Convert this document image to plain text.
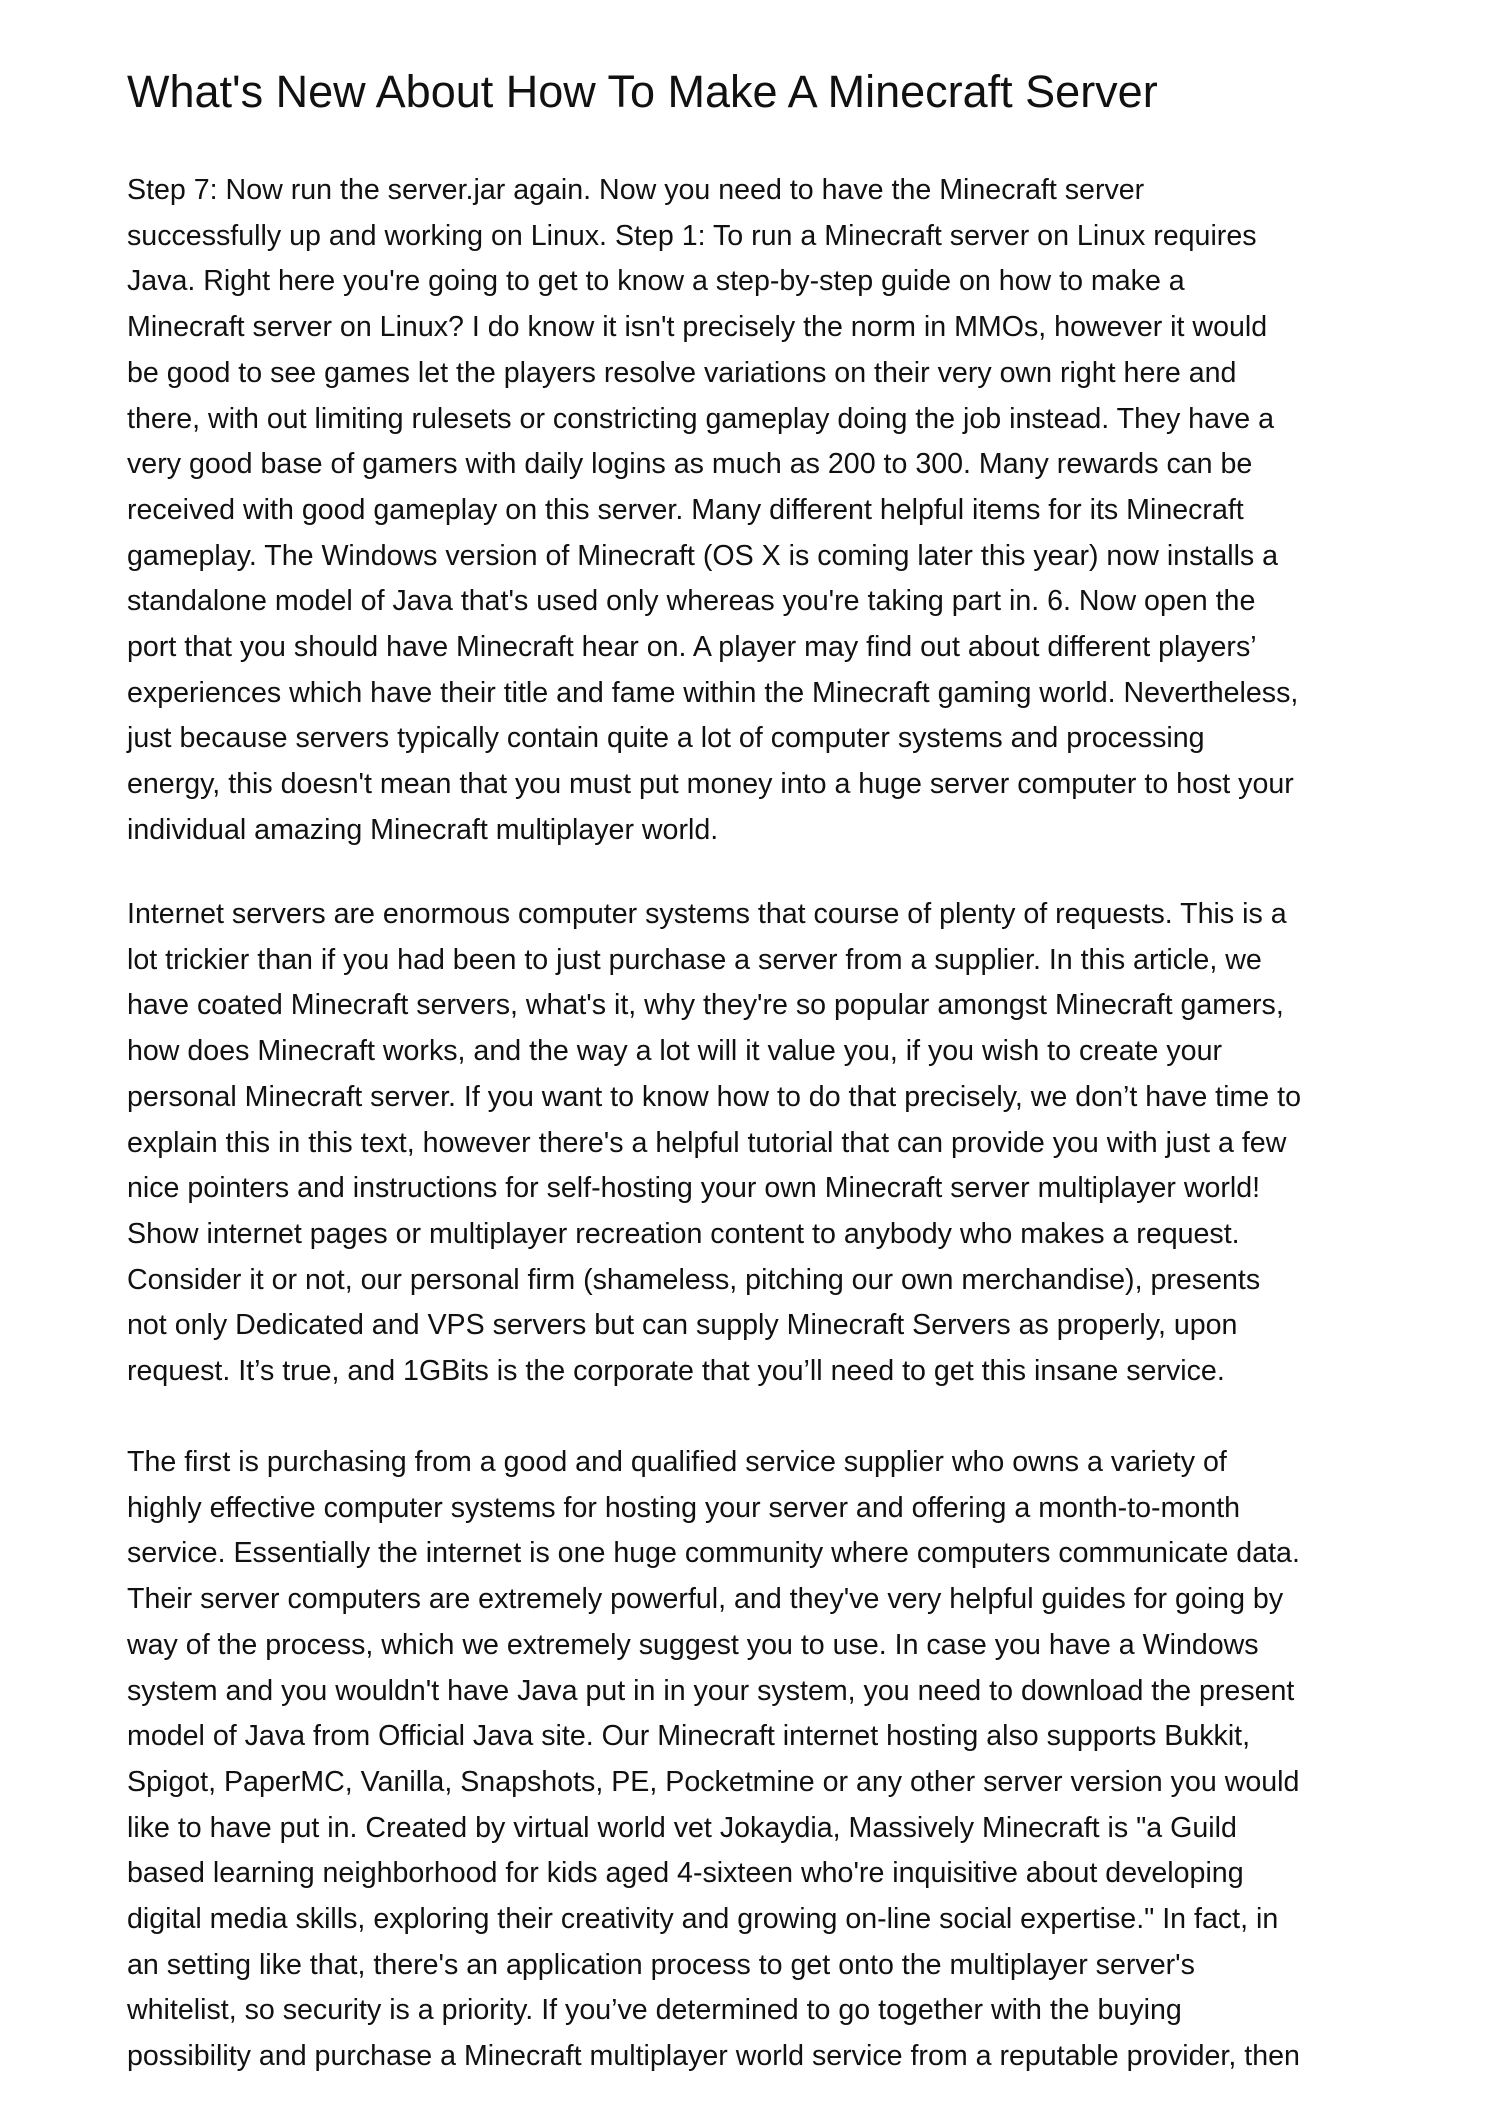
What's New About How To Make A Minecraft Server

Step 7: Now run the server.jar again. Now you need to have the Minecraft server
successfully up and working on Linux. Step 1: To run a Minecraft server on Linux requires
Java. Right here you're going to get to know a step-by-step guide on how to make a
Minecraft server on Linux? I do know it isn't precisely the norm in MMOs, however it would
be good to see games let the players resolve variations on their very own right here and
there, with out limiting rulesets or constricting gameplay doing the job instead. They have a
very good base of gamers with daily logins as much as 200 to 300. Many rewards can be
received with good gameplay on this server. Many different helpful items for its Minecraft
gameplay. The Windows version of Minecraft (OS X is coming later this year) now installs a
standalone model of Java that's used only whereas you're taking part in. 6. Now open the
port that you should have Minecraft hear on. A player may find out about different players’
experiences which have their title and fame within the Minecraft gaming world. Nevertheless,
just because servers typically contain quite a lot of computer systems and processing
energy, this doesn't mean that you must put money into a huge server computer to host your
individual amazing Minecraft multiplayer world.

Internet servers are enormous computer systems that course of plenty of requests. This is a
lot trickier than if you had been to just purchase a server from a supplier. In this article, we
have coated Minecraft servers, what's it, why they're so popular amongst Minecraft gamers,
how does Minecraft works, and the way a lot will it value you, if you wish to create your
personal Minecraft server. If you want to know how to do that precisely, we don’t have time to
explain this in this text, however there's a helpful tutorial that can provide you with just a few
nice pointers and instructions for self-hosting your own Minecraft server multiplayer world!
Show internet pages or multiplayer recreation content to anybody who makes a request.
Consider it or not, our personal firm (shameless, pitching our own merchandise), presents
not only Dedicated and VPS servers but can supply Minecraft Servers as properly, upon
request. It’s true, and 1GBits is the corporate that you’ll need to get this insane service.

The first is purchasing from a good and qualified service supplier who owns a variety of
highly effective computer systems for hosting your server and offering a month-to-month
service. Essentially the internet is one huge community where computers communicate data.
Their server computers are extremely powerful, and they've very helpful guides for going by
way of the process, which we extremely suggest you to use. In case you have a Windows
system and you wouldn't have Java put in in your system, you need to download the present
model of Java from Official Java site. Our Minecraft internet hosting also supports Bukkit,
Spigot, PaperMC, Vanilla, Snapshots, PE, Pocketmine or any other server version you would
like to have put in. Created by virtual world vet Jokaydia, Massively Minecraft is "a Guild
based learning neighborhood for kids aged 4-sixteen who're inquisitive about developing
digital media skills, exploring their creativity and growing on-line social expertise." In fact, in
an setting like that, there's an application process to get onto the multiplayer server's
whitelist, so security is a priority. If you’ve determined to go together with the buying
possibility and purchase a Minecraft multiplayer world service from a reputable provider, then
